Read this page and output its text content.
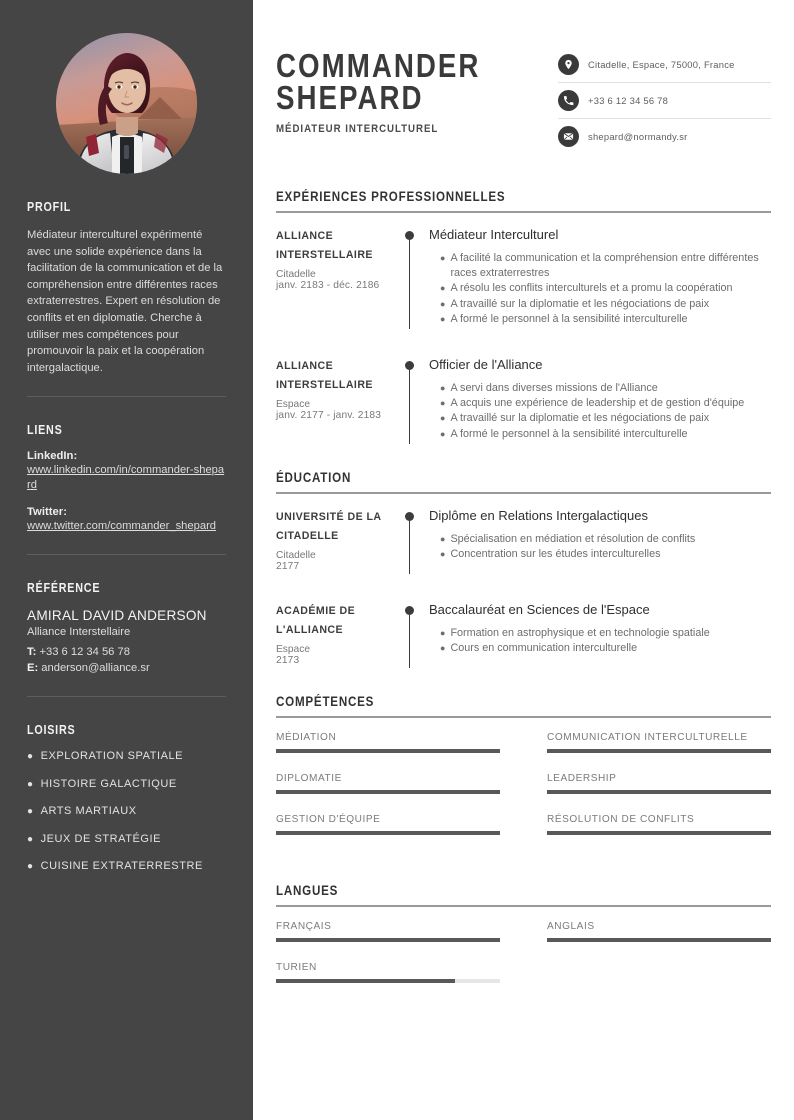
PROFIL
Médiateur interculturel expérimenté avec une solide expérience dans la facilitation de la communication et de la compréhension entre différentes races extraterrestres. Expert en résolution de conflits et en diplomatie. Cherche à utiliser mes compétences pour promouvoir la paix et la coopération intergalactique.
LIENS
LinkedIn:
www.linkedin.com/in/commander-shepard
Twitter:
www.twitter.com/commander_shepard
RÉFÉRENCE
AMIRAL DAVID ANDERSON
Alliance Interstellaire
T: +33 6 12 34 56 78
E: anderson@alliance.sr
LOISIRS
● EXPLORATION SPATIALE
● HISTOIRE GALACTIQUE
● ARTS MARTIAUX
● JEUX DE STRATÉGIE
● CUISINE EXTRATERRESTRE
COMMANDER
SHEPARD
MÉDIATEUR INTERCULTUREL
Citadelle, Espace, 75000, France
+33 6 12 34 56 78
shepard@normandy.sr
EXPÉRIENCES PROFESSIONNELLES
ALLIANCE INTERSTELLAIRE
Citadelle
janv. 2183 - déc. 2186
Médiateur Interculturel
● A facilité la communication et la compréhension entre différentes races extraterrestres
● A résolu les conflits interculturels et a promu la coopération
● A travaillé sur la diplomatie et les négociations de paix
● A formé le personnel à la sensibilité interculturelle
ALLIANCE INTERSTELLAIRE
Espace
janv. 2177 - janv. 2183
Officier de l'Alliance
● A servi dans diverses missions de l'Alliance
● A acquis une expérience de leadership et de gestion d'équipe
● A travaillé sur la diplomatie et les négociations de paix
● A formé le personnel à la sensibilité interculturelle
ÉDUCATION
UNIVERSITÉ DE LA CITADELLE
Citadelle
2177
Diplôme en Relations Intergalactiques
● Spécialisation en médiation et résolution de conflits
● Concentration sur les études interculturelles
ACADÉMIE DE L'ALLIANCE
Espace
2173
Baccalauréat en Sciences de l'Espace
● Formation en astrophysique et en technologie spatiale
● Cours en communication interculturelle
COMPÉTENCES
MÉDIATION	COMMUNICATION INTERCULTURELLE
DIPLOMATIE	LEADERSHIP
GESTION D'ÉQUIPE	RÉSOLUTION DE CONFLITS
LANGUES
FRANÇAIS	ANGLAIS
TURIEN
